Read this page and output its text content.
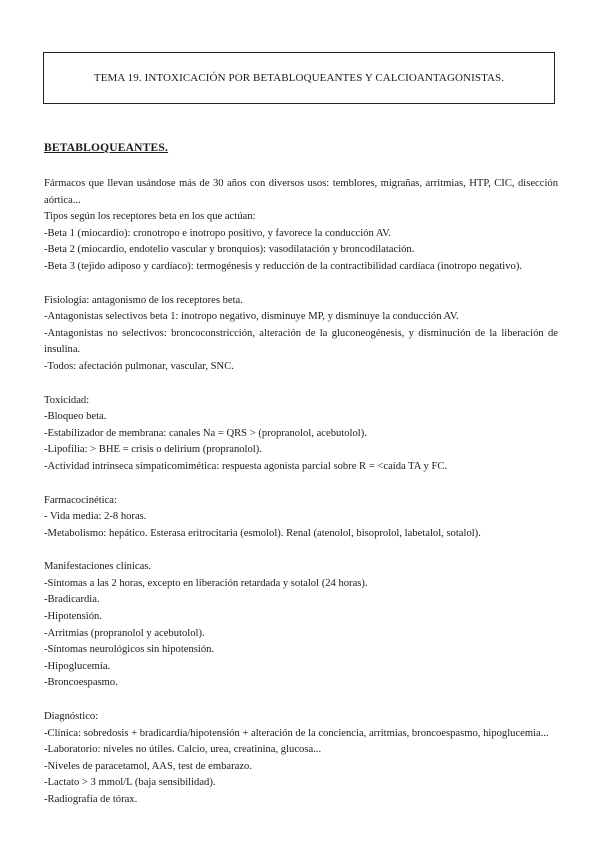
TEMA 19. INTOXICACIÓN POR BETABLOQUEANTES Y CALCIOANTAGONISTAS.
BETABLOQUEANTES.
Fármacos que llevan usándose más de 30 años con diversos usos: temblores, migrañas, arritmias, HTP, CIC, disección aórtica...
Tipos según los receptores beta en los que actúan:
-Beta 1 (miocardio): cronotropo e inotropo positivo, y favorece la conducción AV.
-Beta 2 (miocardio, endotelio vascular y bronquios): vasodilatación y broncodilatación.
-Beta 3 (tejido adiposo y cardíaco): termogénesis y reducción de la contractibilidad cardíaca (inotropo negativo).
Fisiología: antagonismo de los receptores beta.
-Antagonistas selectivos beta 1: inotropo negativo, disminuye MP, y disminuye la conducción AV.
-Antagonistas no selectivos: broncoconstricción, alteración de la gluconeogénesis, y disminución de la liberación de insulina.
-Todos: afectación pulmonar, vascular, SNC.
Toxicidad:
-Bloqueo beta.
-Estabilizador de membrana: canales Na = QRS > (propranolol, acebutolol).
-Lipofilia: > BHE = crisis o delirium (propranolol).
-Actividad intrínseca simpaticomimética: respuesta agonista parcial sobre R = <caída TA y FC.
Farmacocinética:
- Vida media: 2-8 horas.
-Metabolismo: hepático. Esterasa eritrocitaria (esmolol). Renal (atenolol, bisoprolol, labetalol, sotalol).
Manifestaciones clínicas.
-Síntomas a las 2 horas, excepto en liberación retardada y sotalol (24 horas).
-Bradicardia.
-Hipotensión.
-Arritmias (propranolol y acebutolol).
-Síntomas neurológicos sin hipotensión.
-Hipoglucemia.
-Broncoespasmo.
Diagnóstico:
-Clínica: sobredosis + bradicardia/hipotensión + alteración de la conciencia, arritmias, broncoespasmo, hipoglucemia...
-Laboratorio: niveles no útiles. Calcio, urea, creatinina, glucosa...
-Niveles de paracetamol, AAS, test de embarazo.
-Lactato > 3 mmol/L (baja sensibilidad).
-Radiografía de tórax.
